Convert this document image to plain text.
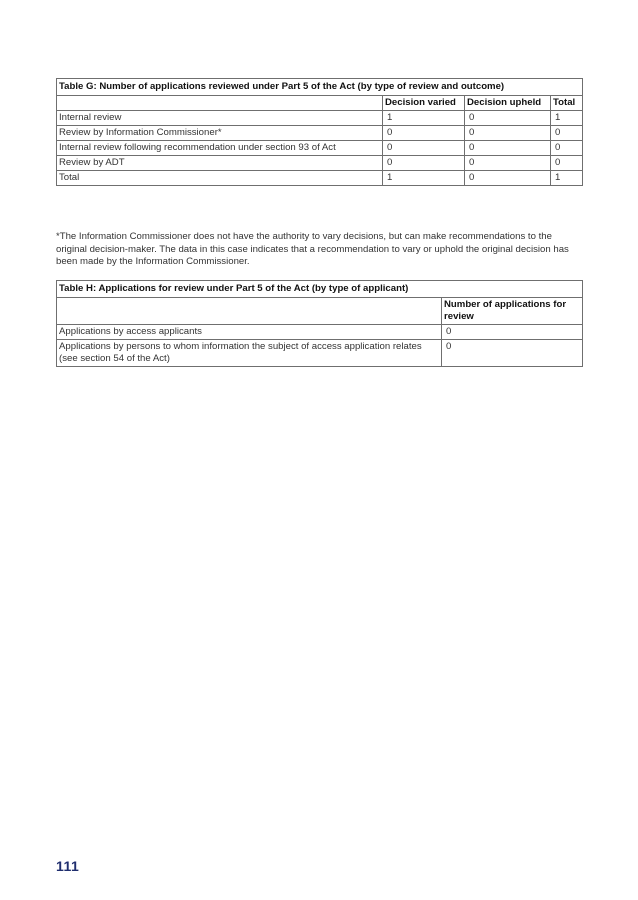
Table G: Number of applications reviewed under Part 5 of the Act (by type of review and outcome)			
	Decision varied	Decision upheld	Total
Internal review	1	0	1
Review by Information Commissioner*	0	0	0
Internal review following recommendation under section 93 of Act	0	0	0
Review by ADT	0	0	0
Total	1	0	1

*The Information Commissioner does not have the authority to vary decisions, but can make recommendations to the original decision-maker. The data in this case indicates that a recommendation to vary or uphold the original decision has been made by the Information Commissioner.

Table H: Applications for review under Part 5 of the Act (by type of applicant)	
	Number of applications for review
Applications by access applicants	0
Applications by persons to whom information the subject of access application relates (see section 54 of the Act)	0
111
